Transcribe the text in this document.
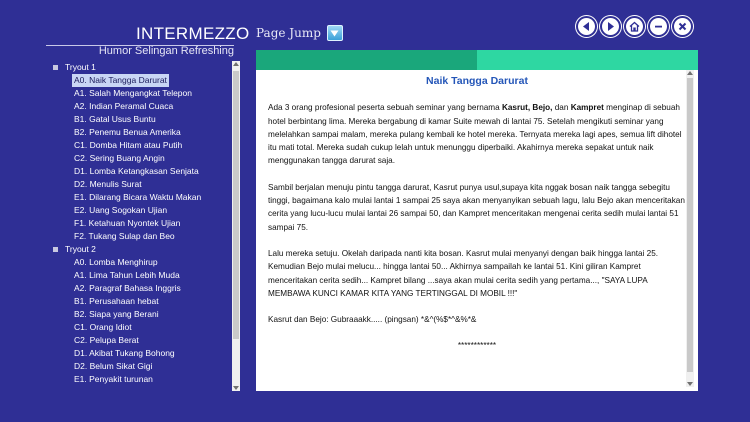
INTERMEZZO
Humor Selingan Refreshing
Page Jump
Tryout 1
A0. Naik Tangga Darurat
A1. Salah Mengangkat Telepon
A2. Indian Peramal Cuaca
B1. Gatal Usus Buntu
B2. Penemu Benua Amerika
C1. Domba Hitam atau Putih
C2. Sering Buang Angin
D1. Lomba Ketangkasan Senjata
D2. Menulis Surat
E1. Dilarang Bicara Waktu Makan
E2. Uang Sogokan Ujian
F1. Ketahuan Nyontek Ujian
F2. Tukang Sulap dan Beo
Tryout 2
A0. Lomba Menghirup
A1. Lima Tahun Lebih Muda
A2. Paragraf Bahasa Inggris
B1. Perusahaan hebat
B2. Siapa yang Berani
C1. Orang Idiot
C2. Pelupa Berat
D1. Akibat Tukang Bohong
D2. Belum Sikat Gigi
E1. Penyakit turunan
Naik Tangga Darurat

Ada 3 orang profesional peserta sebuah seminar yang bernama Kasrut, Bejo, dan Kampret menginap di sebuah hotel berbintang lima. Mereka bergabung di kamar Suite mewah di lantai 75. Setelah mengikuti seminar yang melelahkan sampai malam, mereka pulang kembali ke hotel mereka. Ternyata mereka lagi apes, semua lift dihotel itu mati total. Mereka sudah cukup lelah untuk menunggu diperbaiki. Akahirnya mereka sepakat untuk naik menggunakan tangga darurat saja.

Sambil berjalan menuju pintu tangga darurat, Kasrut punya usul,supaya kita nggak bosan naik tangga sebegitu tinggi, bagaimana kalo mulai lantai 1 sampai 25 saya akan menyanyikan sebuah lagu, lalu Bejo akan menceritakan cerita yang lucu-lucu mulai lantai 26 sampai 50, dan Kampret menceritakan mengenai cerita sedih mulai lantai 51 sampai 75.

Lalu mereka setuju. Okelah daripada nanti kita bosan. Kasrut mulai menyanyi dengan baik hingga lantai 25. Kemudian Bejo mulai melucu... hingga lantai 50... Akhirnya sampailah ke lantai 51. Kini giliran Kampret menceritakan cerita sedih... Kampret bilang ...saya akan mulai cerita sedih yang pertama..., "SAYA LUPA MEMBAWA KUNCI KAMAR KITA YANG TERTINGGAL DI MOBIL !!!"

Kasrut dan Bejo: Gubraaakk..... (pingsan) *&^(%$*^&%*&

************
